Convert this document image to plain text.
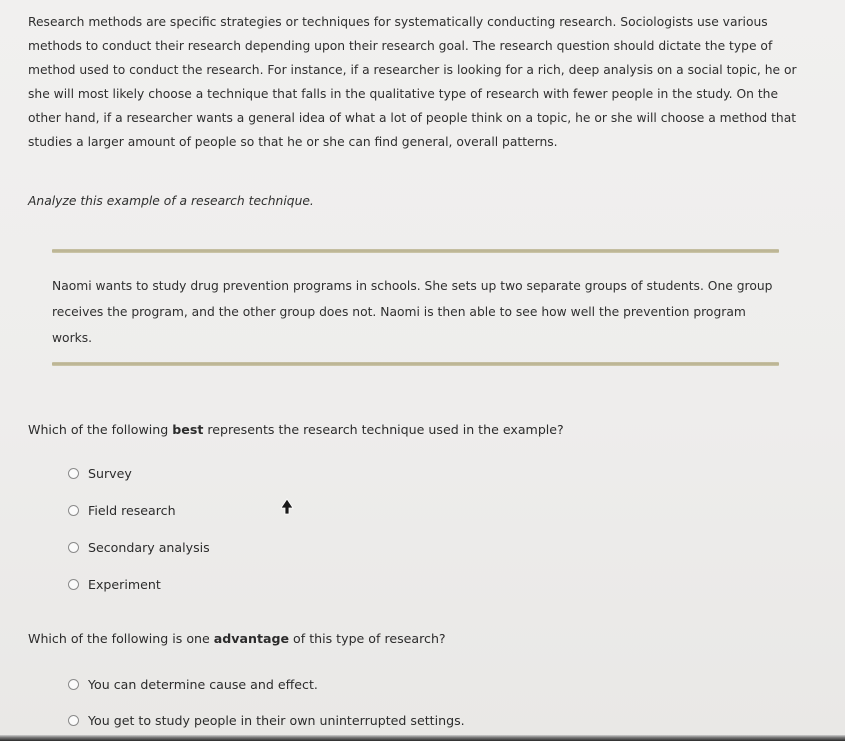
Research methods are specific strategies or techniques for systematically conducting research. Sociologists use various
methods to conduct their research depending upon their research goal. The research question should dictate the type of
method used to conduct the research. For instance, if a researcher is looking for a rich, deep analysis on a social topic, he or
she will most likely choose a technique that falls in the qualitative type of research with fewer people in the study. On the
other hand, if a researcher wants a general idea of what a lot of people think on a topic, he or she will choose a method that
studies a larger amount of people so that he or she can find general, overall patterns.
Analyze this example of a research technique.
Naomi wants to study drug prevention programs in schools. She sets up two separate groups of students. One group
receives the program, and the other group does not. Naomi is then able to see how well the prevention program
works.
Which of the following best represents the research technique used in the example?
Survey
Field research
Secondary analysis
Experiment
Which of the following is one advantage of this type of research?
You can determine cause and effect.
You get to study people in their own uninterrupted settings.
